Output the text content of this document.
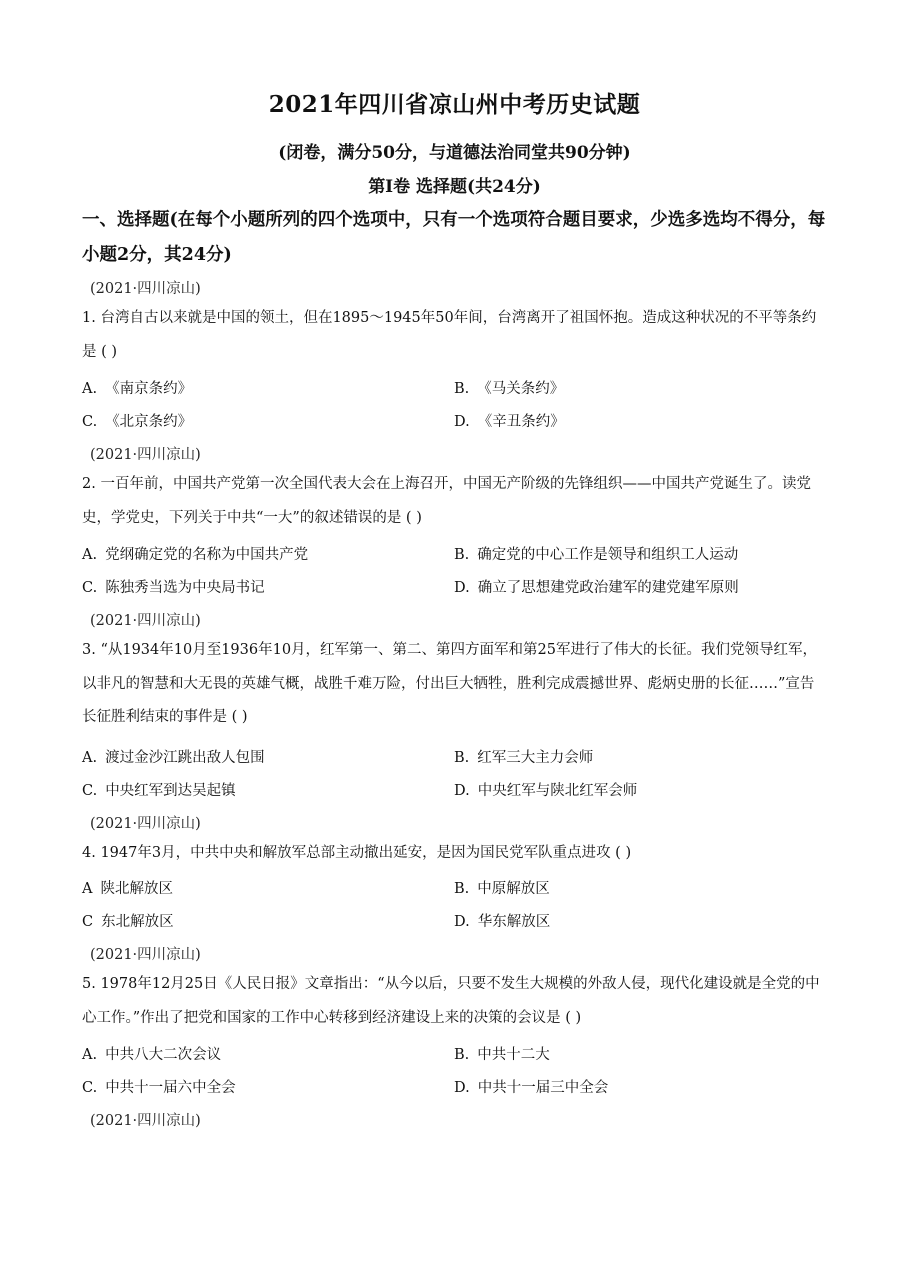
2021年四川省凉山州中考历史试题
(闭卷，满分50分，与道德法治同堂共90分钟)
第Ⅰ卷 选择题(共24分)
一、选择题(在每个小题所列的四个选项中，只有一个选项符合题目要求，少选多选均不得分，每小题2分，其24分)
(2021·四川凉山)
1. 台湾自古以来就是中国的领土，但在1895～1945年50年间，台湾离开了祖国怀抱。造成这种状况的不平等条约是 ( )
A. 《南京条约》	B. 《马关条约》
C. 《北京条约》	D. 《辛丑条约》
(2021·四川凉山)
2. 一百年前，中国共产党第一次全国代表大会在上海召开，中国无产阶级的先锋组织——中国共产党诞生了。读党史，学党史，下列关于中共“一大”的叙述错误的是 ( )
A. 党纲确定党的名称为中国共产党	B. 确定党的中心工作是领导和组织工人运动
C. 陈独秀当选为中央局书记	D. 确立了思想建党政治建军的建党建军原则
(2021·四川凉山)
3. “从1934年10月至1936年10月，红军第一、第二、第四方面军和第25军进行了伟大的长征。我们党领导红军，以非凡的智慧和大无畏的英雄气概，战胜千难万险，付出巨大牺牲，胜利完成震撼世界、彪炳史册的长征……”宣告长征胜利结束的事件是 ( )
A. 渡过金沙江跳出敌人包围	B. 红军三大主力会师
C. 中央红军到达吴起镇	D. 中央红军与陕北红军会师
(2021·四川凉山)
4. 1947年3月，中共中央和解放军总部主动撤出延安，是因为国民党军队重点进攻 ( )
A 陕北解放区	B. 中原解放区
C 东北解放区	D. 华东解放区
(2021·四川凉山)
5. 1978年12月25日《人民日报》文章指出：“从今以后，只要不发生大规模的外敌人侵，现代化建设就是全党的中心工作。”作出了把党和国家的工作中心转移到经济建设上来的决策的会议是 ( )
A. 中共八大二次会议	B. 中共十二大
C. 中共十一届六中全会	D. 中共十一届三中全会
(2021·四川凉山)
